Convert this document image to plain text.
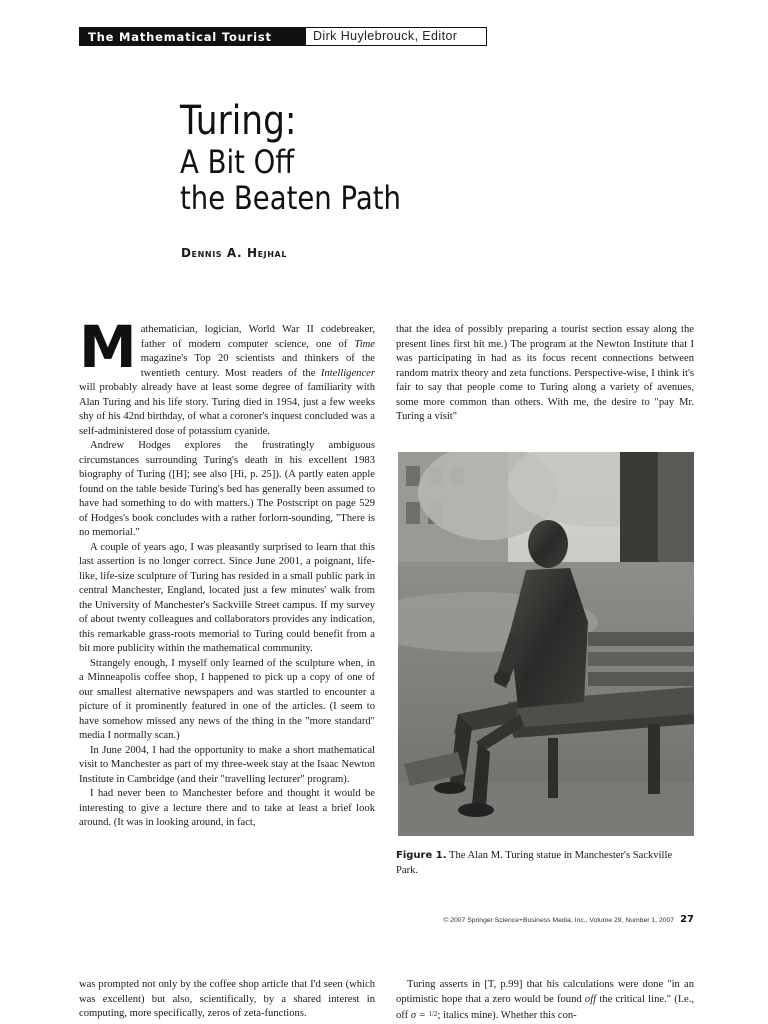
The Mathematical Tourist	Dirk Huylebrouck, Editor
Turing:
A Bit Off
the Beaten Path
Dennis A. Hejhal

M athematician, logician, World War II codebreaker, father of modern computer science, one of Time magazine's Top 20 scientists and thinkers of the twentieth century. Most readers of the Intelligencer will probably already have at least some degree of familiarity with Alan Turing and his life story. Turing died in 1954, just a few weeks shy of his 42nd birthday, of what a coroner's inquest concluded was a self-administered dose of potassium cyanide.

Andrew Hodges explores the frustratingly ambiguous circumstances surrounding Turing's death in his excellent 1983 biography of Turing ([H]; see also [Hi, p. 25]). (A partly eaten apple found on the table beside Turing's bed has generally been assumed to have had something to do with matters.) The Postscript on page 529 of Hodges's book concludes with a rather forlorn-sounding, "There is no memorial."

A couple of years ago, I was pleasantly surprised to learn that this last assertion is no longer correct. Since June 2001, a poignant, life-like, life-size sculpture of Turing has resided in a small public park in central Manchester, England, located just a few minutes' walk from the University of Manchester's Sackville Street campus. If my survey of about twenty colleagues and collaborators provides any indication, this remarkable grass-roots memorial to Turing could benefit from a bit more publicity within the mathematical community.

Strangely enough, I myself only learned of the sculpture when, in a Minneapolis coffee shop, I happened to pick up a copy of one of our smallest alternative newspapers and was startled to encounter a picture of it prominently featured in one of the articles. (I seem to have somehow missed any news of the thing in the "more standard" media I normally scan.)

In June 2004, I had the opportunity to make a short mathematical visit to Manchester as part of my three-week stay at the Isaac Newton Institute in Cambridge (and their "travelling lecturer" program).

I had never been to Manchester before and thought it would be interesting to give a lecture there and to take at least a brief look around. (It was in looking around, in fact,

that the idea of possibly preparing a tourist section essay along the present lines first hit me.) The program at the Newton Institute that I was participating in had as its focus recent connections between random matrix theory and zeta functions. Perspective-wise, I think it's fair to say that people come to Turing along a variety of avenues, some more common than others. With me, the desire to "pay Mr. Turing a visit"

Figure 1. The Alan M. Turing statue in Manchester's Sackville Park.
© 2007 Springer Science+Business Media, Inc., Volume 29, Number 1, 2007 27

was prompted not only by the coffee shop article that I'd seen (which was excellent) but also, scientifically, by a shared interest in computing, more specifically, zeros of zeta-functions.

Turing asserts in [T, p.99] that his calculations were done "in an optimistic hope that a zero would be found off the critical line." (I.e., off σ = 1/2; italics mine). Whether this con-
